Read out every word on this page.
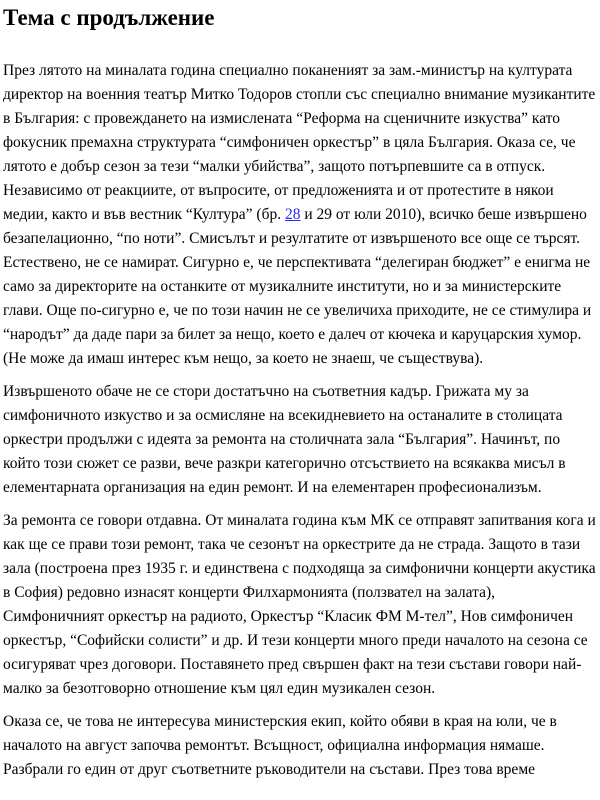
Тема с продължение

През лятото на миналата година специално поканеният за зам.-министър на културата директор на военния театър Митко Тодоров стопли със специално внимание музикантите в България: с провеждането на измислената “Реформа на сценичните изкуства” като фокусник премахна структурата “симфоничен оркестър” в цяла България. Оказа се, че лятото е добър сезон за тези “малки убийства”, защото потърпевшите са в отпуск. Независимо от реакциите, от въпросите, от предложенията и от протестите в някои медии, както и във вестник “Култура” (бр. 28 и 29 от юли 2010), всичко беше извършено безапелационно, “по ноти”. Смисълът и резултатите от извършеното все още се търсят. Естествено, не се намират. Сигурно е, че перспективата “делегиран бюджет” е енигма не само за директорите на останките от музикалните институти, но и за министерските глави. Още по-сигурно е, че по този начин не се увеличиха приходите, не се стимулира и “народът” да даде пари за билет за нещо, което е далеч от кючека и каруцарския хумор. (Не може да имаш интерес към нещо, за което не знаеш, че съществува).

Извършеното обаче не се стори достатъчно на съответния кадър. Грижата му за симфоничното изкуство и за осмисляне на всекидневието на останалите в столицата оркестри продължи с идеята за ремонта на столичната зала “България”. Начинът, по който този сюжет се разви, вече разкри категорично отсъствието на всякаква мисъл в елементарната организация на един ремонт. И на елементарен професионализъм.

За ремонта се говори отдавна. От миналата година към МК се отправят запитвания кога и как ще се прави този ремонт, така че сезонът на оркестрите да не страда. Защото в тази зала (построена през 1935 г. и единствена с подходяща за симфонични концерти акустика в София) редовно изнасят концерти Филхармонията (ползвател на залата), Симфоничният оркестър на радиото, Оркестър “Класик ФМ М-тел”, Нов симфоничен оркестър, “Софийски солисти” и др. И тези концерти много преди началото на сезона се осигуряват чрез договори. Поставянето пред свършен факт на тези състави говори най-малко за безотговорно отношение към цял един музикален сезон.

Оказа се, че това не интересува министерския екип, който обяви в края на юли, че в началото на август започва ремонтът. Всъщност, официална информация нямаше. Разбрали го един от друг съответните ръководители на състави. През това време
